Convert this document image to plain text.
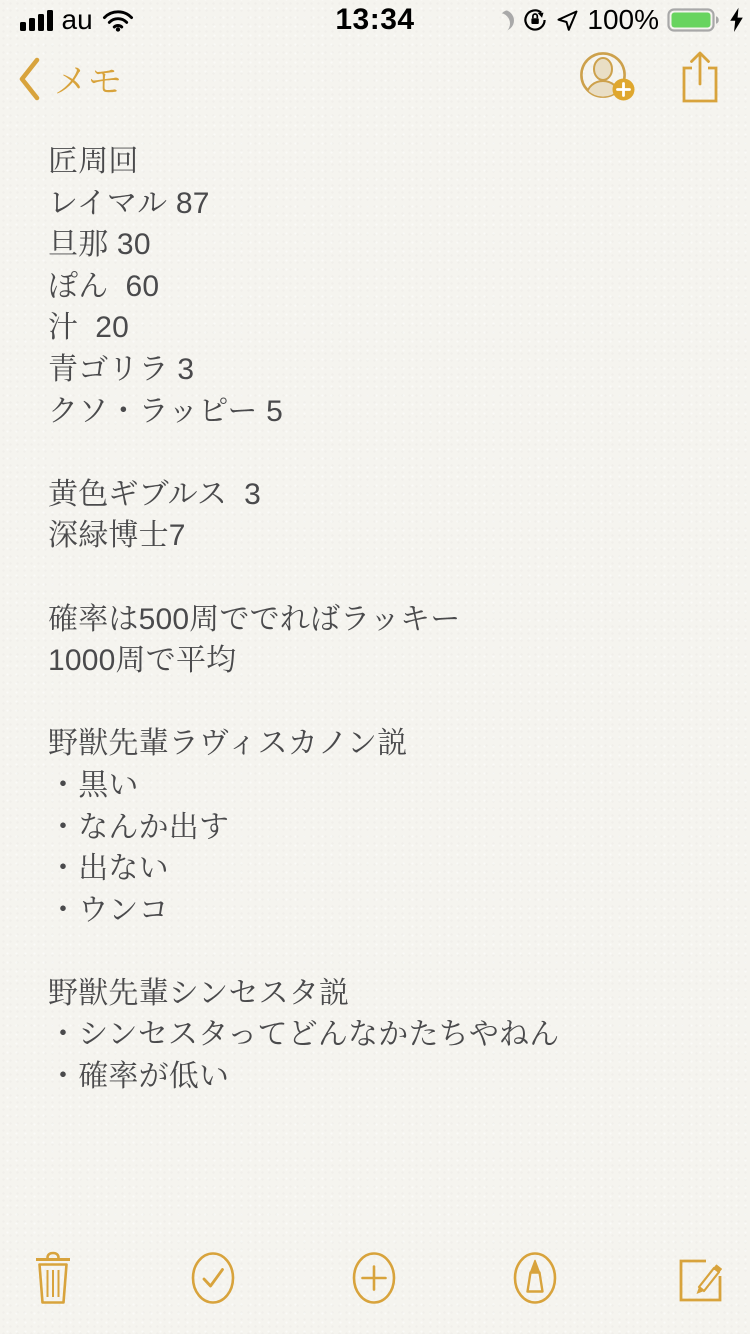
au	13:34	100%
メモ
匠周回
レイマル 87
旦那 30
ぽん  60
汁  20
青ゴリラ 3
クソ・ラッピー 5
黄色ギブルス  3
深緑博士7
確率は500周ででればラッキー
1000周で平均
野獣先輩ラヴィスカノン説
・黒い
・なんか出す
・出ない
・ウンコ
野獣先輩シンセスタ説
・シンセスタってどんなかたちやねん
・確率が低い
